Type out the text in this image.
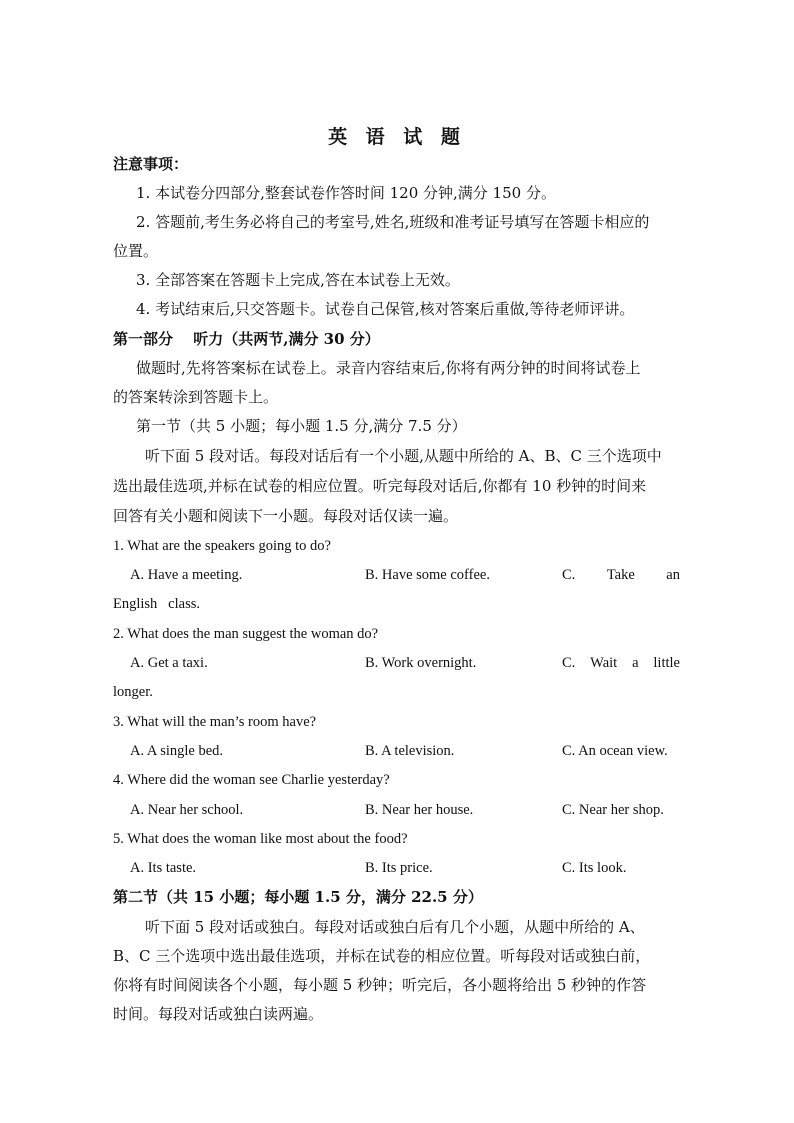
英 语 试 题
注意事项：
1. 本试卷分四部分,整套试卷作答时间 120 分钟,满分 150 分。
2. 答题前,考生务必将自己的考室号,姓名,班级和准考证号填写在答题卡相应的
位置。
3. 全部答案在答题卡上完成,答在本试卷上无效。
4. 考试结束后,只交答题卡。试卷自己保管,核对答案后重做,等待老师评讲。
第一部分　 听力（共两节,满分 30 分）
做题时,先将答案标在试卷上。录音内容结束后,你将有两分钟的时间将试卷上
的答案转涂到答题卡上。
第一节（共 5 小题；每小题 1.5 分,满分 7.5 分）
听下面 5 段对话。每段对话后有一个小题,从题中所给的 A、B、C 三个选项中
选出最佳选项,并标在试卷的相应位置。听完每段对话后,你都有 10 秒钟的时间来
回答有关小题和阅读下一小题。每段对话仅读一遍。
1. What are the speakers going to do?
A. Have a meeting.	B. Have some coffee.	C. Take an
English   class.
2. What does the man suggest the woman do?
A. Get a taxi.	B. Work overnight.	C. Wait a little
longer.
3. What will the man’s room have?
A. A single bed.	B. A television.	C. An ocean view.
4. Where did the woman see Charlie yesterday?
A. Near her school.	B. Near her house.	C. Near her shop.
5. What does the woman like most about the food?
A. Its taste.	B. Its price.	C. Its look.
第二节（共 15 小题；每小题 1.5 分，满分 22.5 分）
听下面 5 段对话或独白。每段对话或独白后有几个小题，从题中所给的 A、
B、C 三个选项中选出最佳选项，并标在试卷的相应位置。听每段对话或独白前，
你将有时间阅读各个小题，每小题 5 秒钟；听完后，各小题将给出 5 秒钟的作答
时间。每段对话或独白读两遍。
